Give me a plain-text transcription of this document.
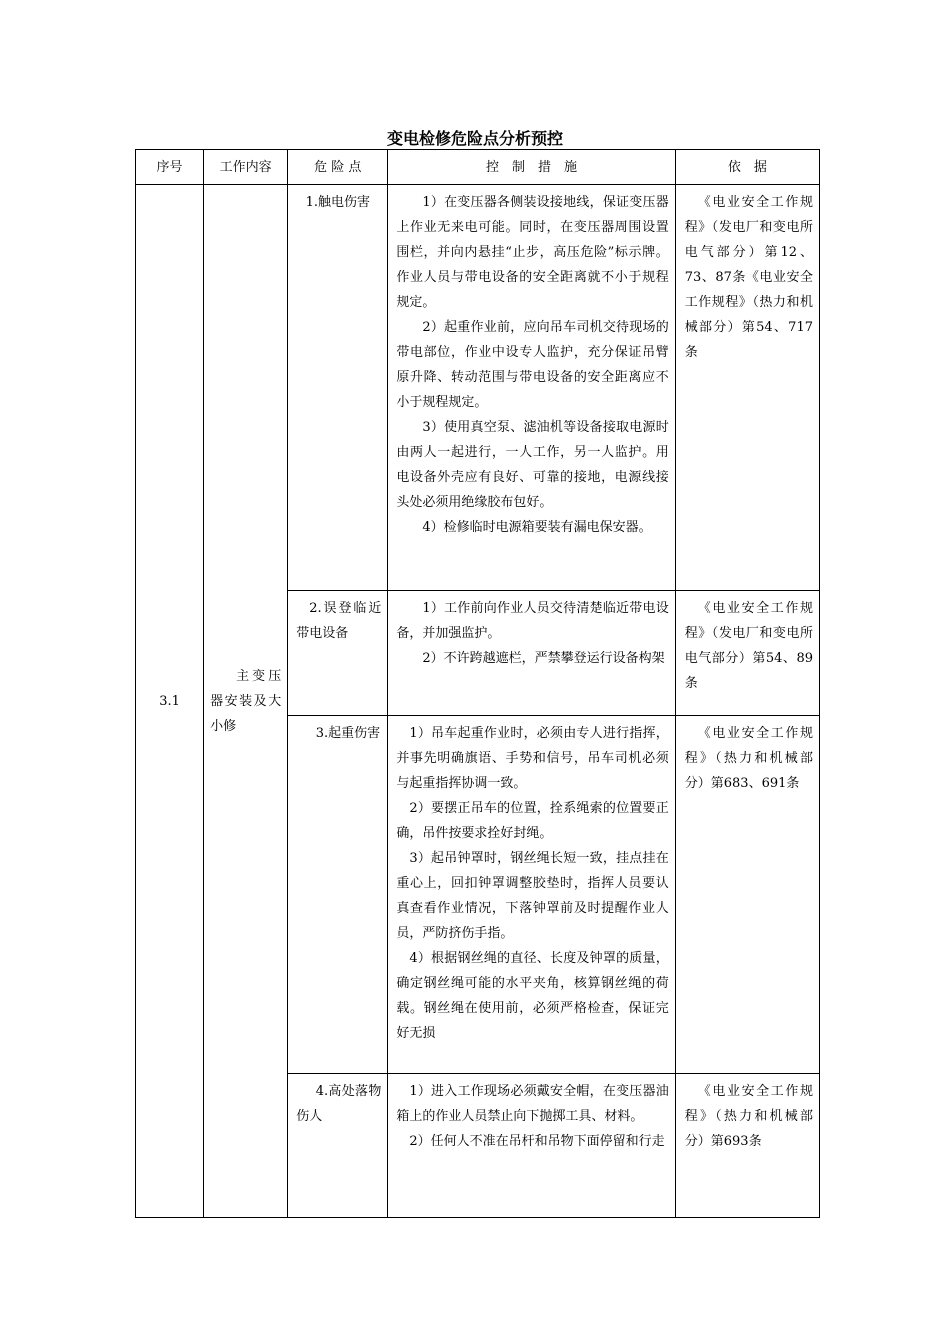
变电检修危险点分析预控
序号	工作内容	危 险 点	控　制　措　施	依　据
3.1	主变压器安装及大小修	1.触电伤害	1）在变压器各侧装设接地线，保证变压器上作业无来电可能。同时，在变压器周围设置围栏，并向内悬挂“止步，高压危险”标示牌。作业人员与带电设备的安全距离就不小于规程规定。

2）起重作业前，应向吊车司机交待现场的带电部位，作业中设专人监护，充分保证吊臂原升降、转动范围与带电设备的安全距离应不小于规程规定。

3）使用真空泵、滤油机等设备接取电源时由两人一起进行，一人工作，另一人监护。用电设备外壳应有良好、可靠的接地，电源线接头处必须用绝缘胶布包好。

4）检修临时电源箱要装有漏电保安器。	《电业安全工作规程》（发电厂和变电所电气部分）第12、73、87条《电业安全工作规程》（热力和机械部分）第54、717条

		2.误登临近带电设备	1）工作前向作业人员交待清楚临近带电设备，并加强监护。

2）不许跨越遮栏，严禁攀登运行设备构架	《电业安全工作规程》（发电厂和变电所电气部分）第54、89条

		3.起重伤害	1）吊车起重作业时，必须由专人进行指挥，并事先明确旗语、手势和信号，吊车司机必须与起重指挥协调一致。

2）要摆正吊车的位置，拴系绳索的位置要正确，吊件按要求拴好封绳。

3）起吊钟罩时，钢丝绳长短一致，挂点挂在重心上，回扣钟罩调整胶垫时，指挥人员要认真查看作业情况，下落钟罩前及时提醒作业人员，严防挤伤手指。

4）根据钢丝绳的直径、长度及钟罩的质量，确定钢丝绳可能的水平夹角，核算钢丝绳的荷载。钢丝绳在使用前，必须严格检查，保证完好无损	《电业安全工作规程》（热力和机械部分）第683、691条

		4.高处落物伤人	1）进入工作现场必须戴安全帽，在变压器油箱上的作业人员禁止向下抛掷工具、材料。

2）任何人不准在吊杆和吊物下面停留和行走	《电业安全工作规程》（热力和机械部分）第693条
